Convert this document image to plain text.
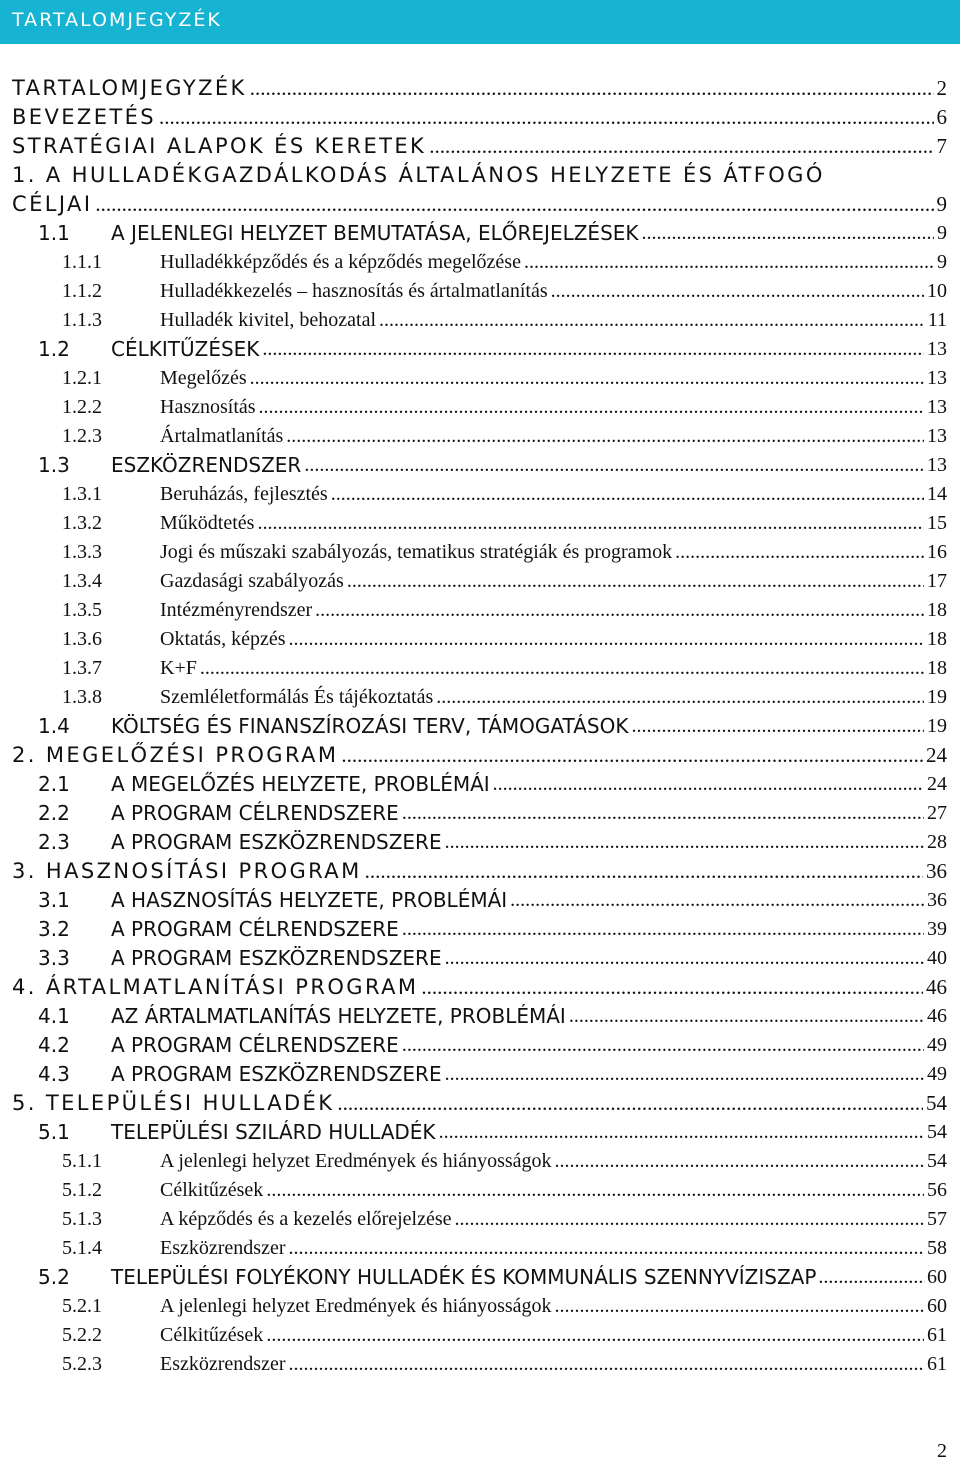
TARTALOMJEGYZÉK
TARTALOMJEGYZÉK .....	2
BEVEZETÉS .....	6
STRATÉGIAI ALAPOK ÉS KERETEK .....	7
1. A HULLADÉKGAZDÁLKODÁS ÁLTALÁNOS HELYZETE ÉS ÁTFOGÓ
CÉLJAI .....	9
1.1	A JELENLEGI HELYZET BEMUTATÁSA, ELŐREJELZÉSEK .....	9
1.1.1	Hulladékképződés és a képződés megelőzése .....	9
1.1.2	Hulladékkezelés – hasznosítás és ártalmatlanítás .....	10
1.1.3	Hulladék kivitel, behozatal .....	11
1.2	CÉLKITŰZÉSEK .....	13
1.2.1	Megelőzés .....	13
1.2.2	Hasznosítás .....	13
1.2.3	Ártalmatlanítás .....	13
1.3	ESZKÖZRENDSZER .....	13
1.3.1	Beruházás, fejlesztés .....	14
1.3.2	Működtetés .....	15
1.3.3	Jogi és műszaki szabályozás, tematikus stratégiák és programok .....	16
1.3.4	Gazdasági szabályozás .....	17
1.3.5	Intézményrendszer .....	18
1.3.6	Oktatás, képzés .....	18
1.3.7	K+F .....	18
1.3.8	Szemléletformálás És tájékoztatás .....	19
1.4	KÖLTSÉG ÉS FINANSZÍROZÁSI TERV, TÁMOGATÁSOK .....	19
2. MEGELŐZÉSI PROGRAM .....	24
2.1	A MEGELŐZÉS HELYZETE, PROBLÉMÁI .....	24
2.2	A PROGRAM CÉLRENDSZERE .....	27
2.3	A PROGRAM ESZKÖZRENDSZERE .....	28
3. HASZNOSÍTÁSI PROGRAM .....	36
3.1	A HASZNOSÍTÁS HELYZETE, PROBLÉMÁI .....	36
3.2	A PROGRAM CÉLRENDSZERE .....	39
3.3	A PROGRAM ESZKÖZRENDSZERE .....	40
4. ÁRTALMATLANÍTÁSI PROGRAM .....	46
4.1	AZ ÁRTALMATLANÍTÁS HELYZETE, PROBLÉMÁI .....	46
4.2	A PROGRAM CÉLRENDSZERE .....	49
4.3	A PROGRAM ESZKÖZRENDSZERE .....	49
5. TELEPÜLÉSI HULLADÉK .....	54
5.1	TELEPÜLÉSI SZILÁRD HULLADÉK .....	54
5.1.1	A jelenlegi helyzet Eredmények és hiányosságok .....	54
5.1.2	Célkitűzések .....	56
5.1.3	A képződés és a kezelés előrejelzése .....	57
5.1.4	Eszközrendszer .....	58
5.2	TELEPÜLÉSI FOLYÉKONY HULLADÉK ÉS KOMMUNÁLIS SZENNYVÍZISZAP .....	60
5.2.1	A jelenlegi helyzet Eredmények és hiányosságok .....	60
5.2.2	Célkitűzések .....	61
5.2.3	Eszközrendszer .....	61
2
